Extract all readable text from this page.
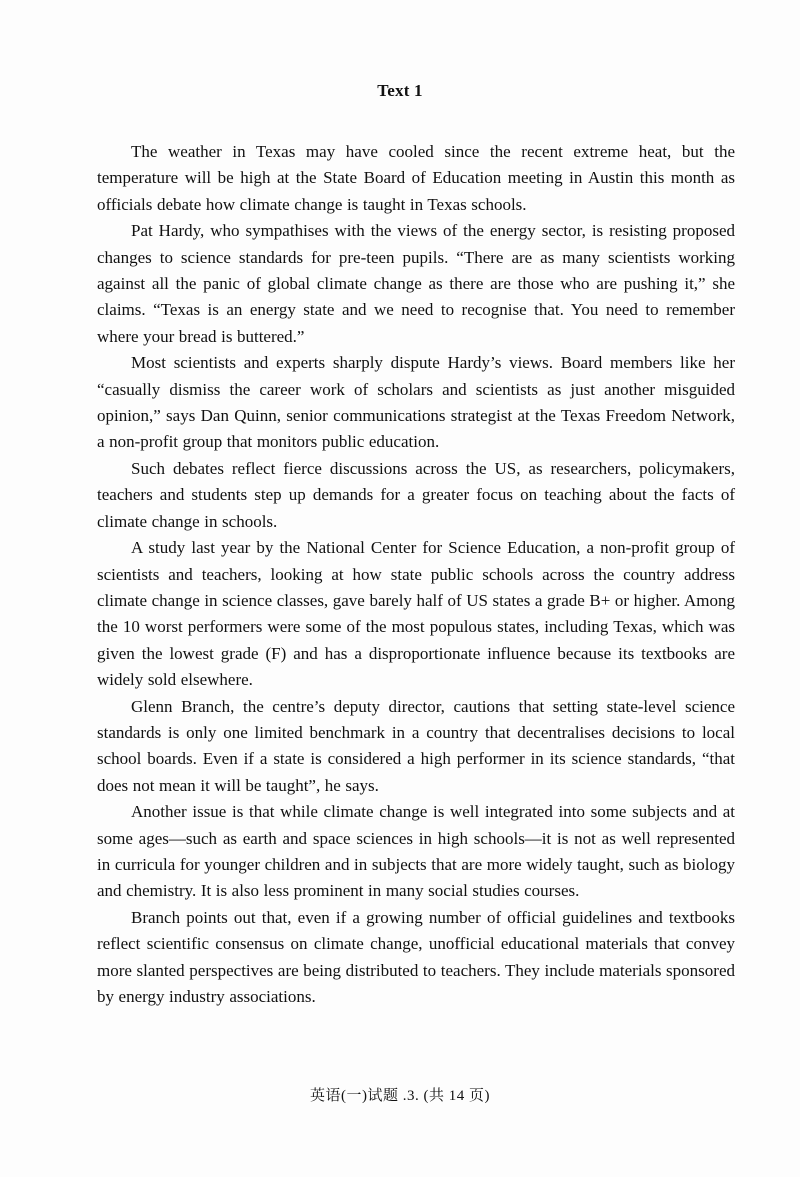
Text 1

The weather in Texas may have cooled since the recent extreme heat, but the temperature will be high at the State Board of Education meeting in Austin this month as officials debate how climate change is taught in Texas schools.

Pat Hardy, who sympathises with the views of the energy sector, is resisting proposed changes to science standards for pre-teen pupils. “There are as many scientists working against all the panic of global climate change as there are those who are pushing it,” she claims. “Texas is an energy state and we need to recognise that. You need to remember where your bread is buttered.”

Most scientists and experts sharply dispute Hardy’s views. Board members like her “casually dismiss the career work of scholars and scientists as just another misguided opinion,” says Dan Quinn, senior communications strategist at the Texas Freedom Network, a non-profit group that monitors public education.

Such debates reflect fierce discussions across the US, as researchers, policymakers, teachers and students step up demands for a greater focus on teaching about the facts of climate change in schools.

A study last year by the National Center for Science Education, a non-profit group of scientists and teachers, looking at how state public schools across the country address climate change in science classes, gave barely half of US states a grade B+ or higher. Among the 10 worst performers were some of the most populous states, including Texas, which was given the lowest grade (F) and has a disproportionate influence because its textbooks are widely sold elsewhere.

Glenn Branch, the centre’s deputy director, cautions that setting state-level science standards is only one limited benchmark in a country that decentralises decisions to local school boards. Even if a state is considered a high performer in its science standards, “that does not mean it will be taught”, he says.

Another issue is that while climate change is well integrated into some subjects and at some ages—such as earth and space sciences in high schools—it is not as well represented in curricula for younger children and in subjects that are more widely taught, such as biology and chemistry. It is also less prominent in many social studies courses.

Branch points out that, even if a growing number of official guidelines and textbooks reflect scientific consensus on climate change, unofficial educational materials that convey more slanted perspectives are being distributed to teachers. They include materials sponsored by energy industry associations.

英语(一)试题 .3. (共 14 页)
